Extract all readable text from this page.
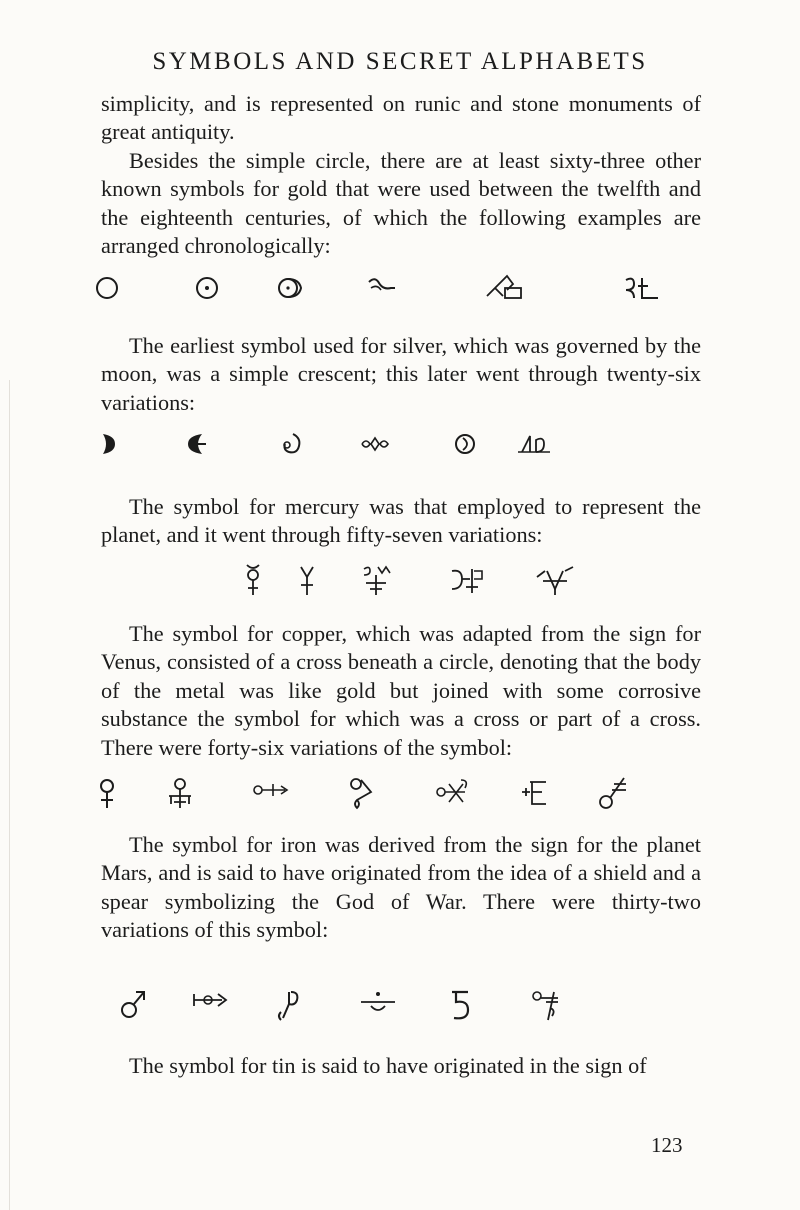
SYMBOLS AND SECRET ALPHABETS

simplicity, and is represented on runic and stone monuments of great antiquity.

Besides the simple circle, there are at least sixty-three other known symbols for gold that were used between the twelfth and the eighteenth centuries, of which the following examples are arranged chronologically:

The earliest symbol used for silver, which was governed by the moon, was a simple crescent; this later went through twenty-six variations:

The symbol for mercury was that employed to represent the planet, and it went through fifty-seven variations:

The symbol for copper, which was adapted from the sign for Venus, consisted of a cross beneath a circle, denoting that the body of the metal was like gold but joined with some corrosive substance the symbol for which was a cross or part of a cross. There were forty-six variations of the symbol:

The symbol for iron was derived from the sign for the planet Mars, and is said to have originated from the idea of a shield and a spear symbolizing the God of War. There were thirty-two variations of this symbol:

The symbol for tin is said to have originated in the sign of

123
